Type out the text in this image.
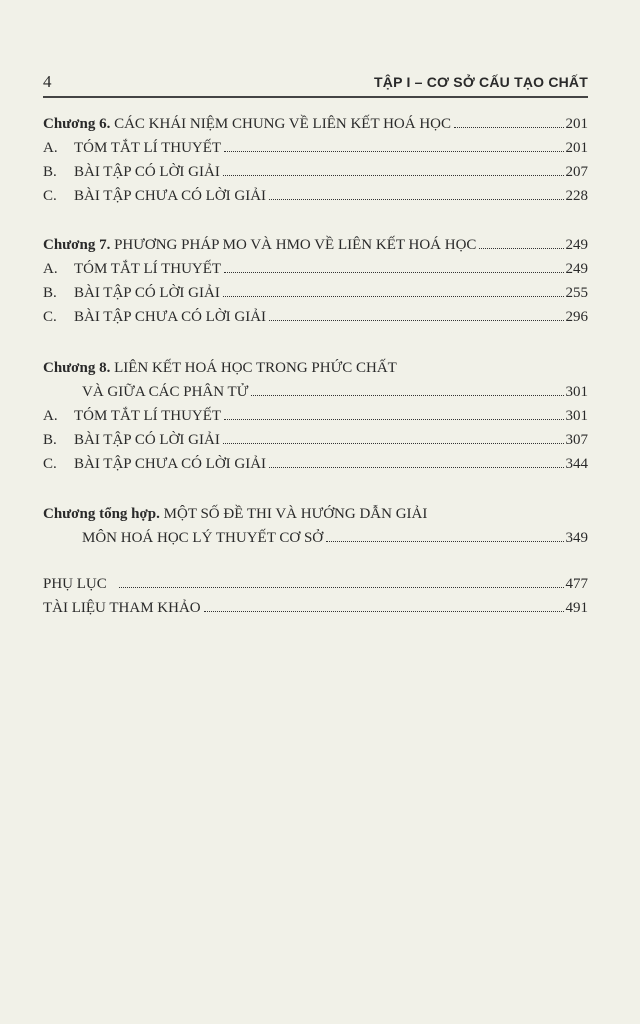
4	TẬP I – CƠ SỞ CẤU TẠO CHẤT
Chương 6. CÁC KHÁI NIỆM CHUNG VỀ LIÊN KẾT HOÁ HỌC	201
A.	TÓM TẮT LÍ THUYẾT	201
B.	BÀI TẬP CÓ LỜI GIẢI	207
C.	BÀI TẬP CHƯA CÓ LỜI GIẢI	228
Chương 7. PHƯƠNG PHÁP MO VÀ HMO VỀ LIÊN KẾT HOÁ HỌC	249
A.	TÓM TẮT LÍ THUYẾT	249
B.	BÀI TẬP CÓ LỜI GIẢI	255
C.	BÀI TẬP CHƯA CÓ LỜI GIẢI	296
Chương 8. LIÊN KẾT HOÁ HỌC TRONG PHỨC CHẤT
VÀ GIỮA CÁC PHÂN TỬ	301
A.	TÓM TẮT LÍ THUYẾT	301
B.	BÀI TẬP CÓ LỜI GIẢI	307
C.	BÀI TẬP CHƯA CÓ LỜI GIẢI	344
Chương tổng hợp. MỘT SỐ ĐỀ THI VÀ HƯỚNG DẪN GIẢI
MÔN HOÁ HỌC LÝ THUYẾT CƠ SỞ	349
PHỤ LỤC	477
TÀI LIỆU THAM KHẢO	491
